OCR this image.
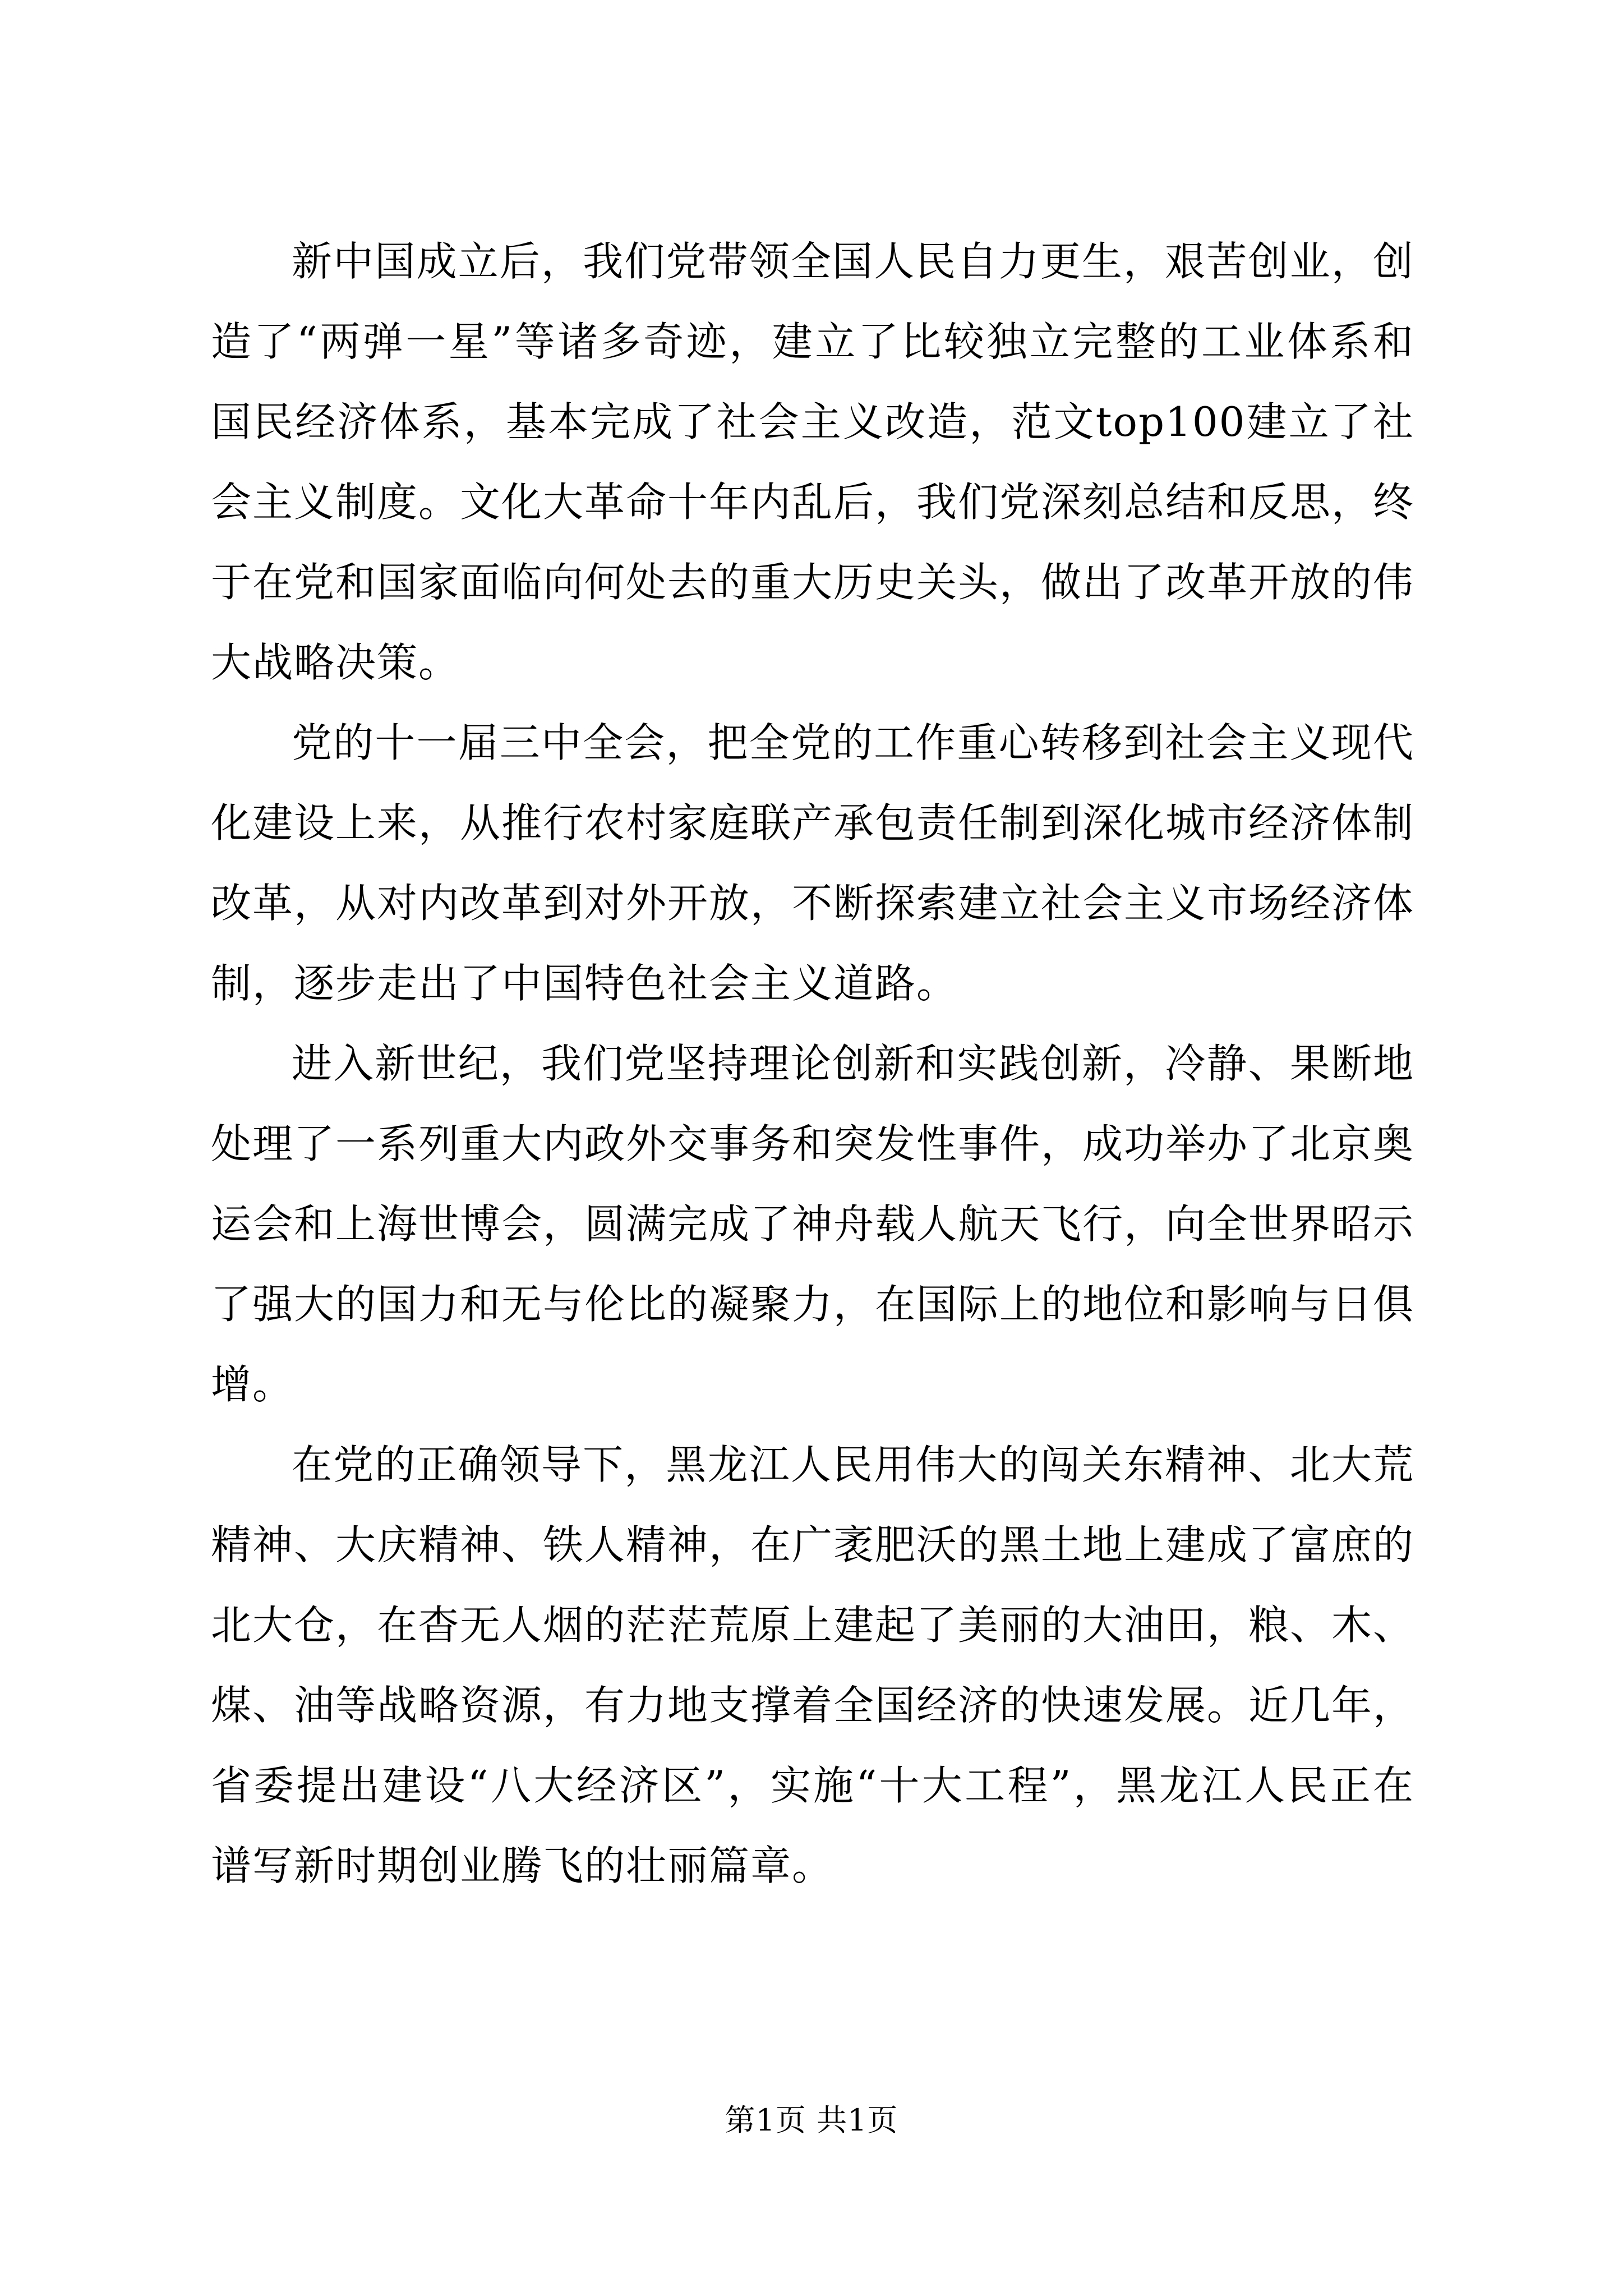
新中国成立后，我们党带领全国人民自力更生，艰苦创业，创造了“两弹一星”等诸多奇迹，建立了比较独立完整的工业体系和国民经济体系，基本完成了社会主义改造，范文top100建立了社会主义制度。文化大革命十年内乱后，我们党深刻总结和反思，终于在党和国家面临向何处去的重大历史关头，做出了改革开放的伟大战略决策。

党的十一届三中全会，把全党的工作重心转移到社会主义现代化建设上来，从推行农村家庭联产承包责任制到深化城市经济体制改革，从对内改革到对外开放，不断探索建立社会主义市场经济体制，逐步走出了中国特色社会主义道路。

进入新世纪，我们党坚持理论创新和实践创新，冷静、果断地处理了一系列重大内政外交事务和突发性事件，成功举办了北京奥运会和上海世博会，圆满完成了神舟载人航天飞行，向全世界昭示了强大的国力和无与伦比的凝聚力，在国际上的地位和影响与日俱增。

在党的正确领导下，黑龙江人民用伟大的闯关东精神、北大荒精神、大庆精神、铁人精神，在广袤肥沃的黑土地上建成了富庶的北大仓，在杳无人烟的茫茫荒原上建起了美丽的大油田，粮、木、煤、油等战略资源，有力地支撑着全国经济的快速发展。近几年，省委提出建设“八大经济区”，实施“十大工程”，黑龙江人民正在谱写新时期创业腾飞的壮丽篇章。

第1页 共1页
